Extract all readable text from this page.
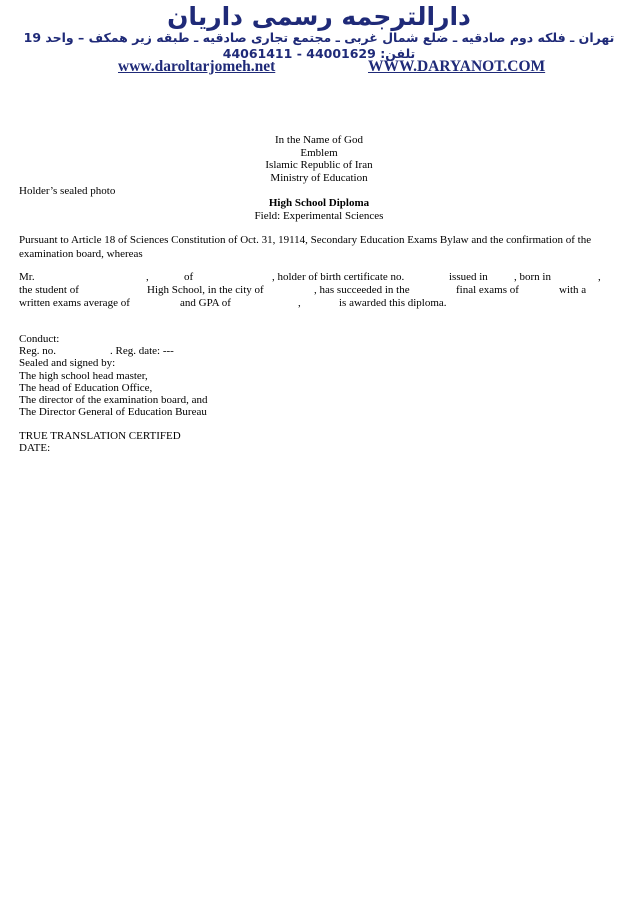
دارالترجمه رسمی داریان
تهران ـ فلکه دوم صادقیه ـ ضلع شمال غربی ـ مجتمع تجاری صادقیه ـ طبقه زیر همکف – واحد 19
تلفن: 44001629 - 44061411
www.daroltarjomeh.net	WWW.DARYANOT.COM
In the Name of God
Emblem
Islamic Republic of Iran
Ministry of Education
Holder’s sealed photo
High School Diploma
Field: Experimental Sciences
Pursuant to Article 18 of Sciences Constitution of Oct. 31, 19114, Secondary Education Exams Bylaw and the confirmation of the
examination board, whereas
Mr.	,	of	, holder of birth certificate no.	issued in , born in	,
the student of	High School, in the city of	, has succeeded in the	final exams of	with a
written exams average of	and GPA of	,	is awarded this diploma.
Conduct:
Reg. no.	. Reg. date: ---
Sealed and signed by:
The high school head master,
The head of Education Office,
The director of the examination board, and
The Director General of Education Bureau
TRUE TRANSLATION CERTIFED
DATE:
